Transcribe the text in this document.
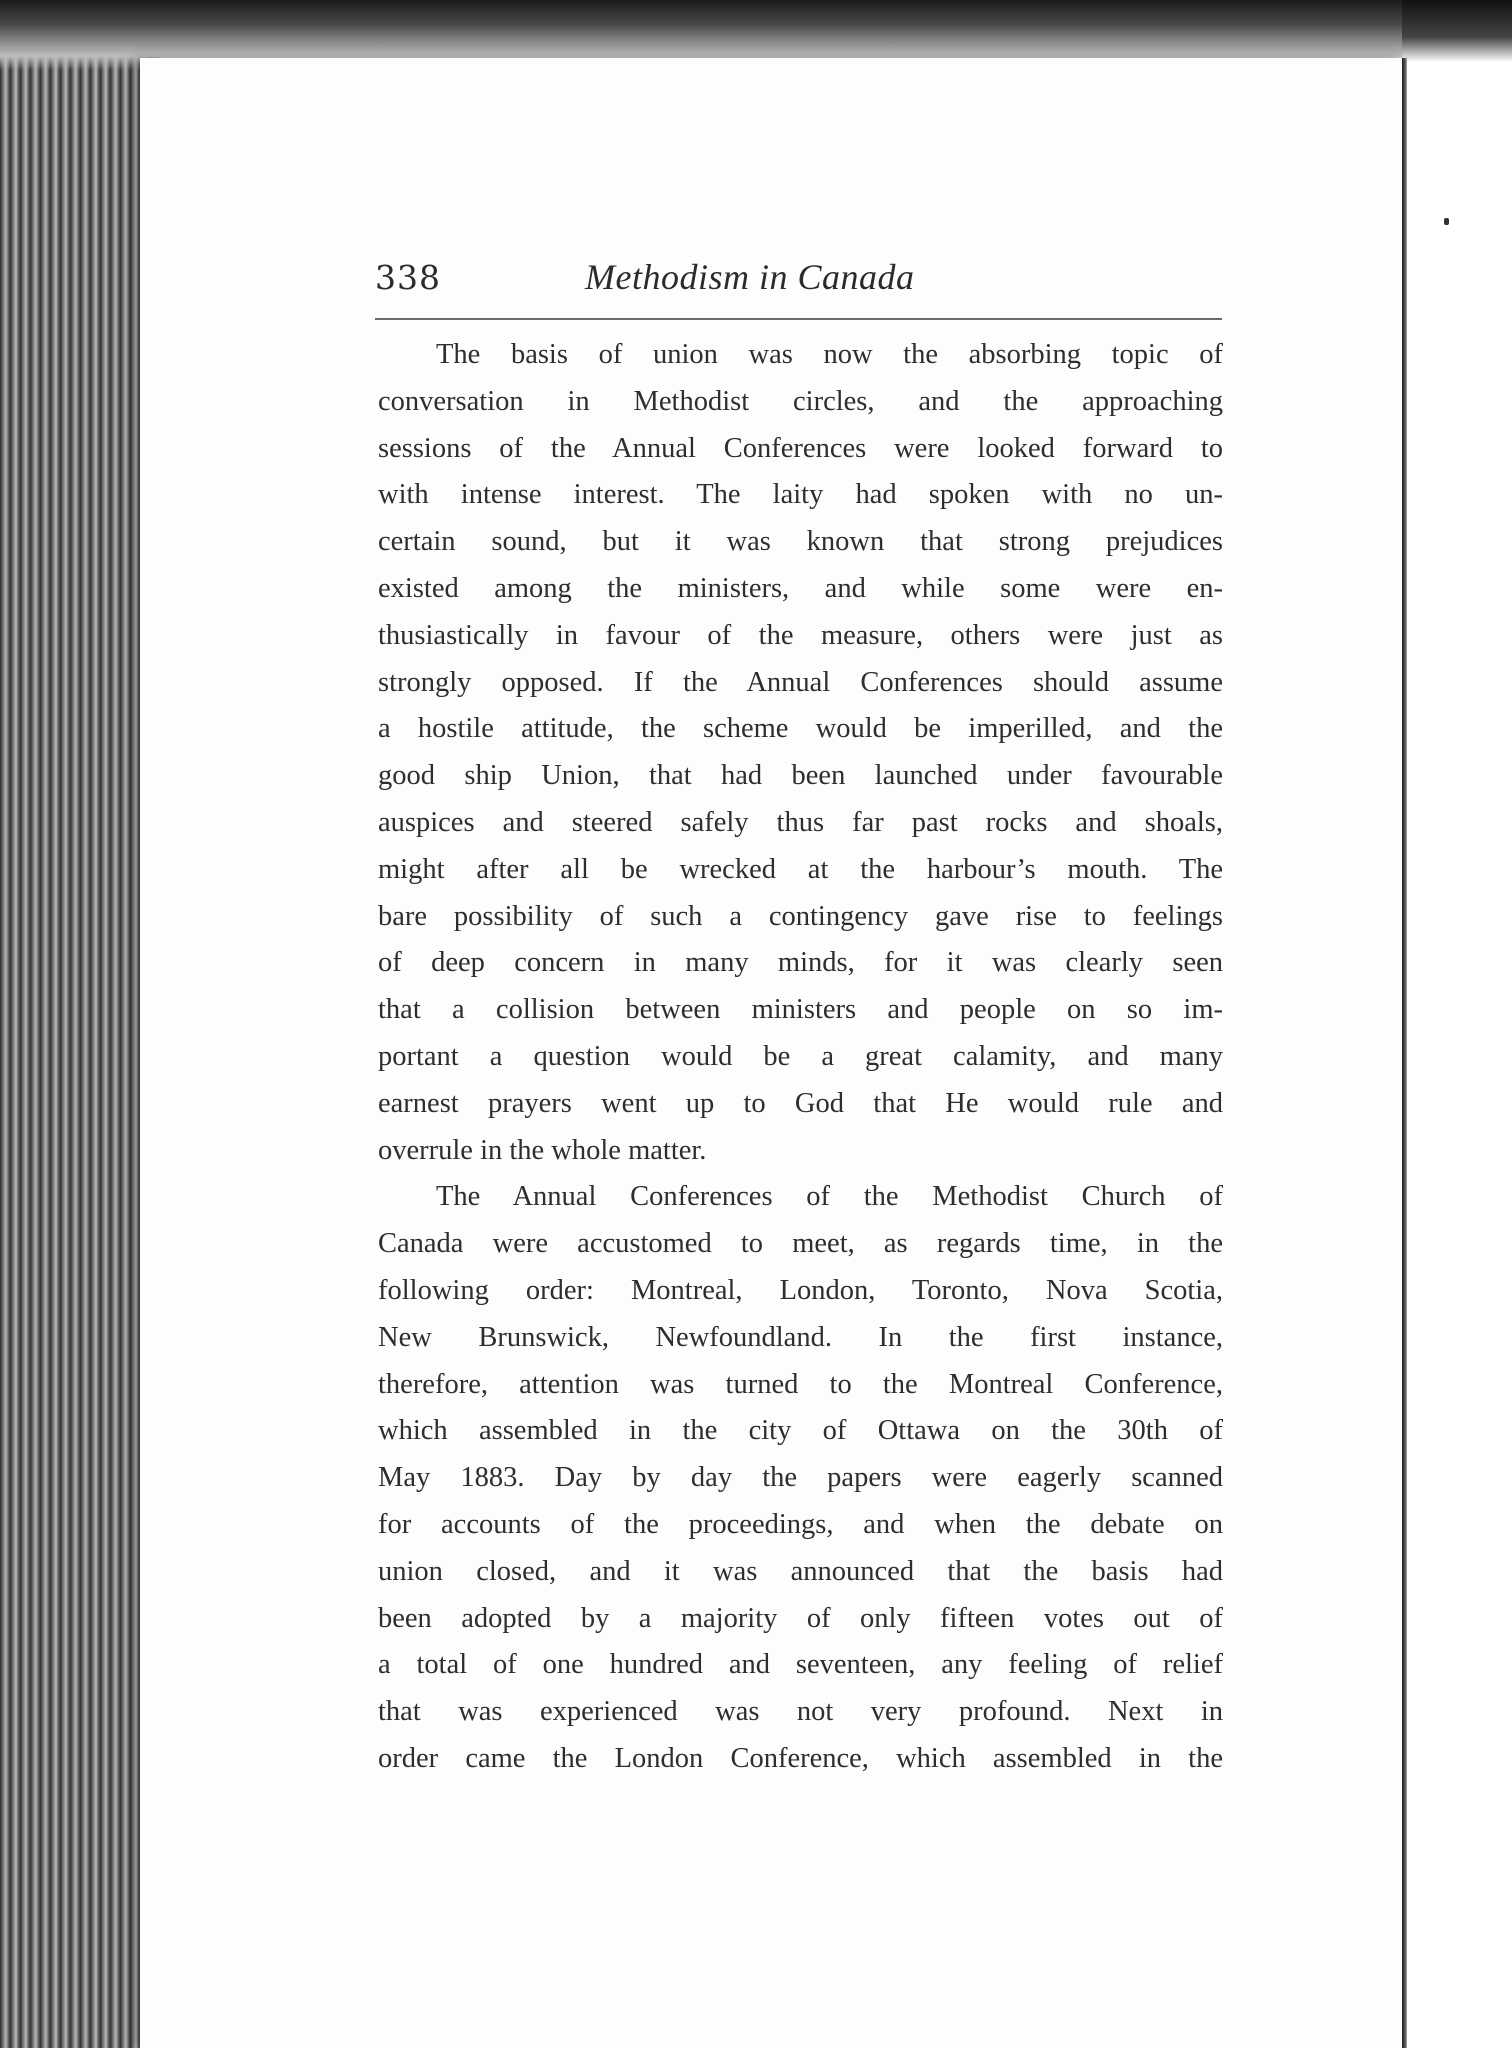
338	Methodism in Canada
The basis of union was now the absorbing topic of
conversation in Methodist circles, and the approaching
sessions of the Annual Conferences were looked forward to
with intense interest. The laity had spoken with no un-
certain sound, but it was known that strong prejudices
existed among the ministers, and while some were en-
thusiastically in favour of the measure, others were just as
strongly opposed. If the Annual Conferences should assume
a hostile attitude, the scheme would be imperilled, and the
good ship Union, that had been launched under favourable
auspices and steered safely thus far past rocks and shoals,
might after all be wrecked at the harbour’s mouth. The
bare possibility of such a contingency gave rise to feelings
of deep concern in many minds, for it was clearly seen
that a collision between ministers and people on so im-
portant a question would be a great calamity, and many
earnest prayers went up to God that He would rule and
overrule in the whole matter.
The Annual Conferences of the Methodist Church of
Canada were accustomed to meet, as regards time, in the
following order: Montreal, London, Toronto, Nova Scotia,
New Brunswick, Newfoundland. In the first instance,
therefore, attention was turned to the Montreal Conference,
which assembled in the city of Ottawa on the 30th of
May 1883. Day by day the papers were eagerly scanned
for accounts of the proceedings, and when the debate on
union closed, and it was announced that the basis had
been adopted by a majority of only fifteen votes out of
a total of one hundred and seventeen, any feeling of relief
that was experienced was not very profound. Next in
order came the London Conference, which assembled in the
